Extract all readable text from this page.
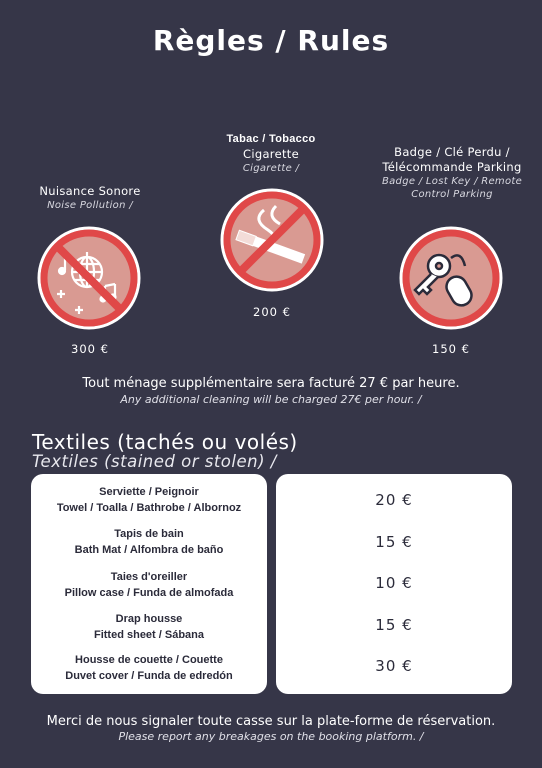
Règles / Rules
Nuisance Sonore
Noise Pollution /
300 €
Tabac / Tobacco
Cigarette
Cigarette /
200 €
Badge / Clé Perdu / Télécommande Parking
Badge / Lost Key / Remote Control Parking
150 €
Tout ménage supplémentaire sera facturé 27 € par heure.
Any additional cleaning will be charged 27€ per hour. /
Textiles (tachés ou volés)
Textiles (stained or stolen) /
Serviette / Peignoir
Towel / Toalla / Bathrobe / Albornoz
Tapis de bain
Bath Mat / Alfombra de baño
Taies d'oreiller
Pillow case / Funda de almofada
Drap housse
Fitted sheet / Sábana
Housse de couette / Couette
Duvet cover / Funda de edredón
20 €
15 €
10 €
15 €
30 €
Merci de nous signaler toute casse sur la plate-forme de réservation.
Please report any breakages on the booking platform. /
